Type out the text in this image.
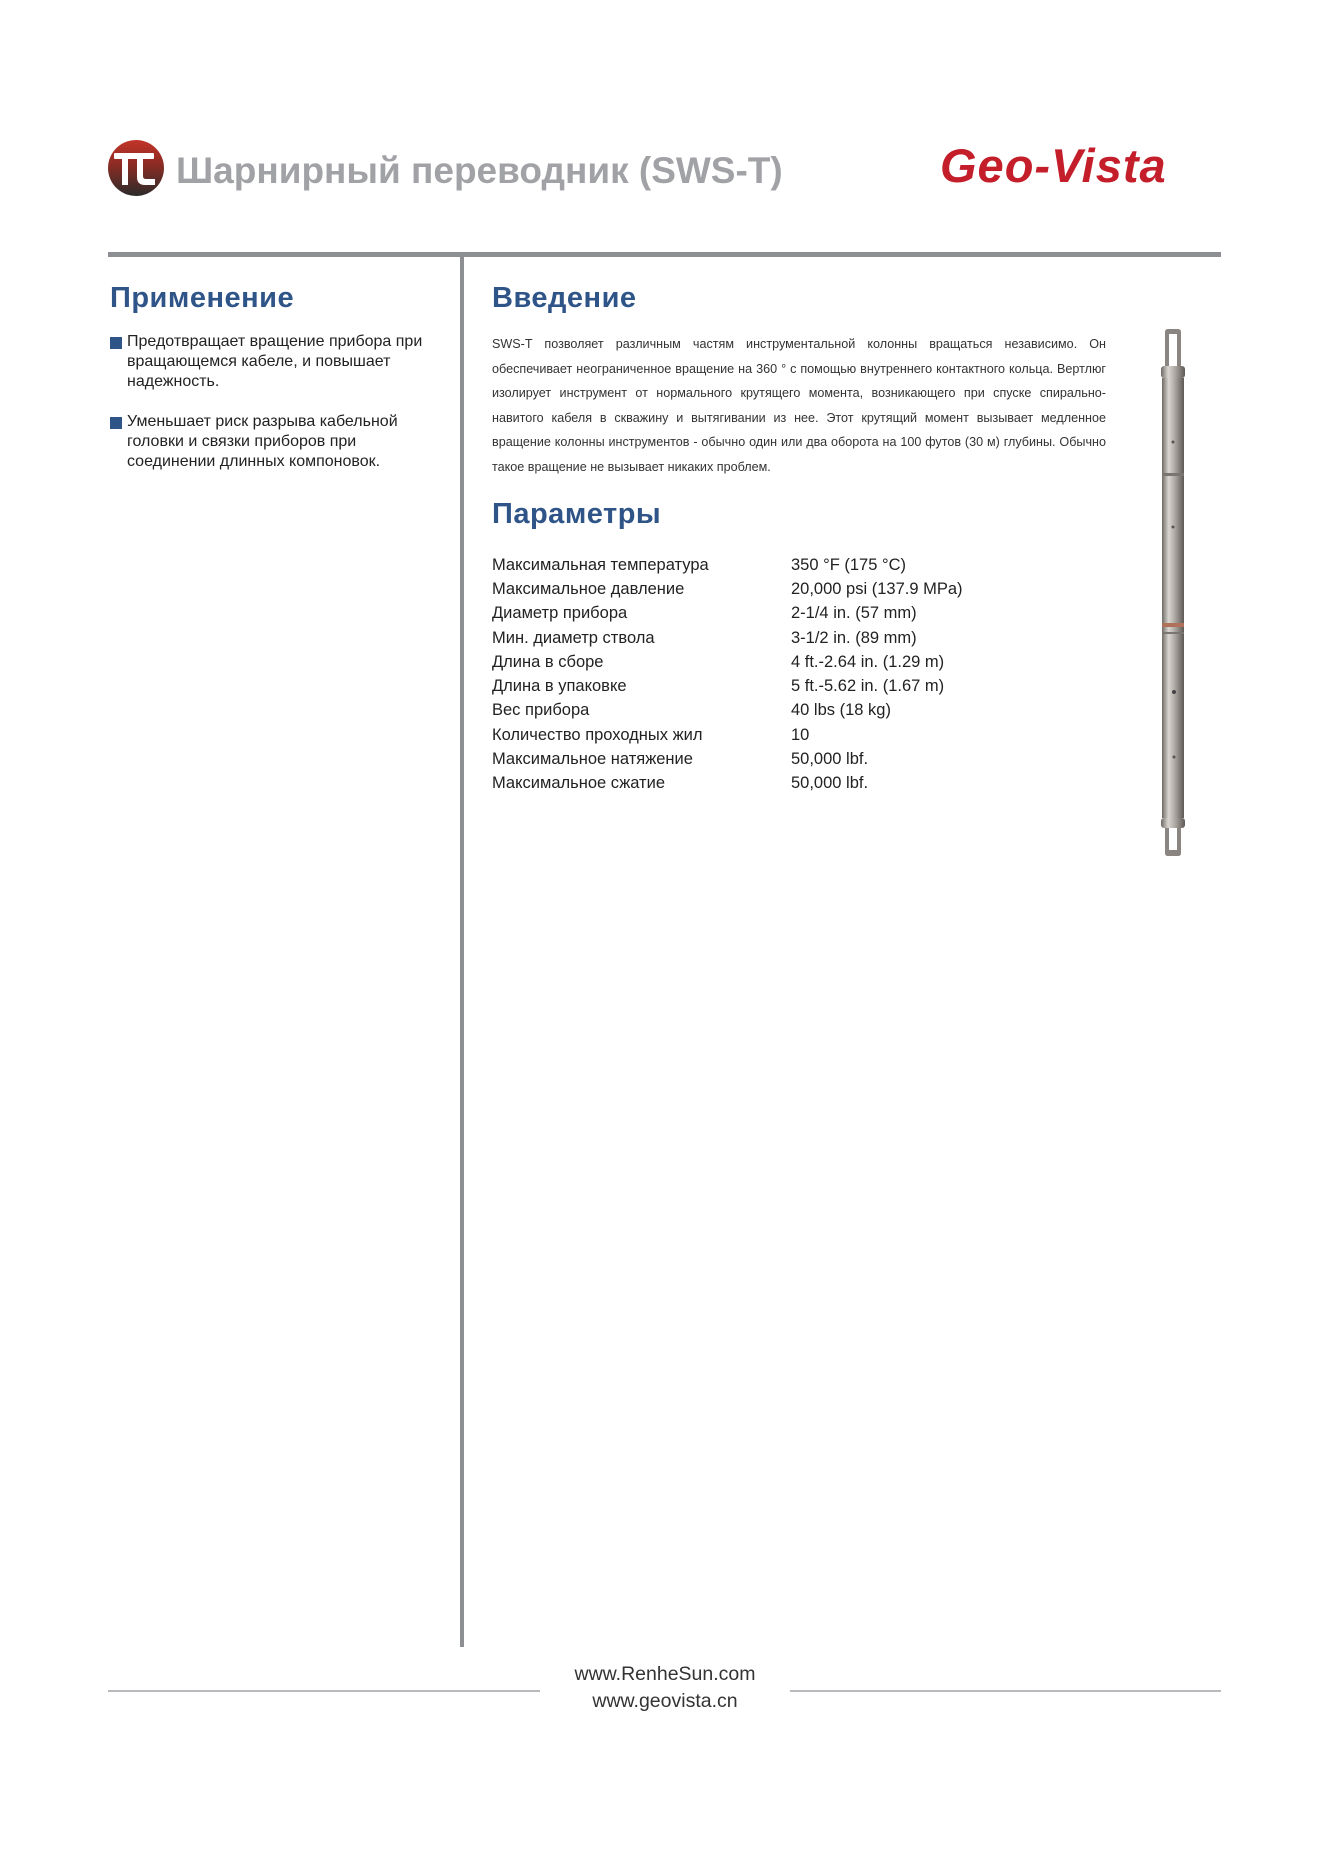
Шарнирный переводник (SWS-T)	Geo-Vista
Применение
Предотвращает вращение прибора при вращающемся кабеле, и повышает надежность.
Уменьшает риск разрыва кабельной головки и связки приборов при соединении длинных компоновок.
Введение

SWS-T позволяет различным частям инструментальной колонны вращаться независимо. Он обеспечивает неограниченное вращение на 360 ° с помощью внутреннего контактного кольца. Вертлюг изолирует инструмент от нормального крутящего момента, возникающего при спуске спирально-навитого кабеля в скважину и вытягивании из нее. Этот крутящий момент вызывает медленное вращение колонны инструментов - обычно один или два оборота на 100 футов (30 м) глубины. Обычно такое вращение не вызывает никаких проблем.

Параметры
Максимальная температура	350 °F (175 °C)
Максимальное давление	20,000 psi (137.9 MPa)
Диаметр прибора	2-1/4 in. (57 mm)
Мин. диаметр ствола	3-1/2 in. (89 mm)
Длина в сборе	4 ft.-2.64 in. (1.29 m)
Длина в упаковке	5 ft.-5.62 in. (1.67 m)
Вес прибора	40 lbs (18 kg)
Количество проходных жил	10
Максимальное натяжение	50,000 lbf.
Максимальное сжатие	50,000 lbf.
www.RenheSun.com
www.geovista.cn
